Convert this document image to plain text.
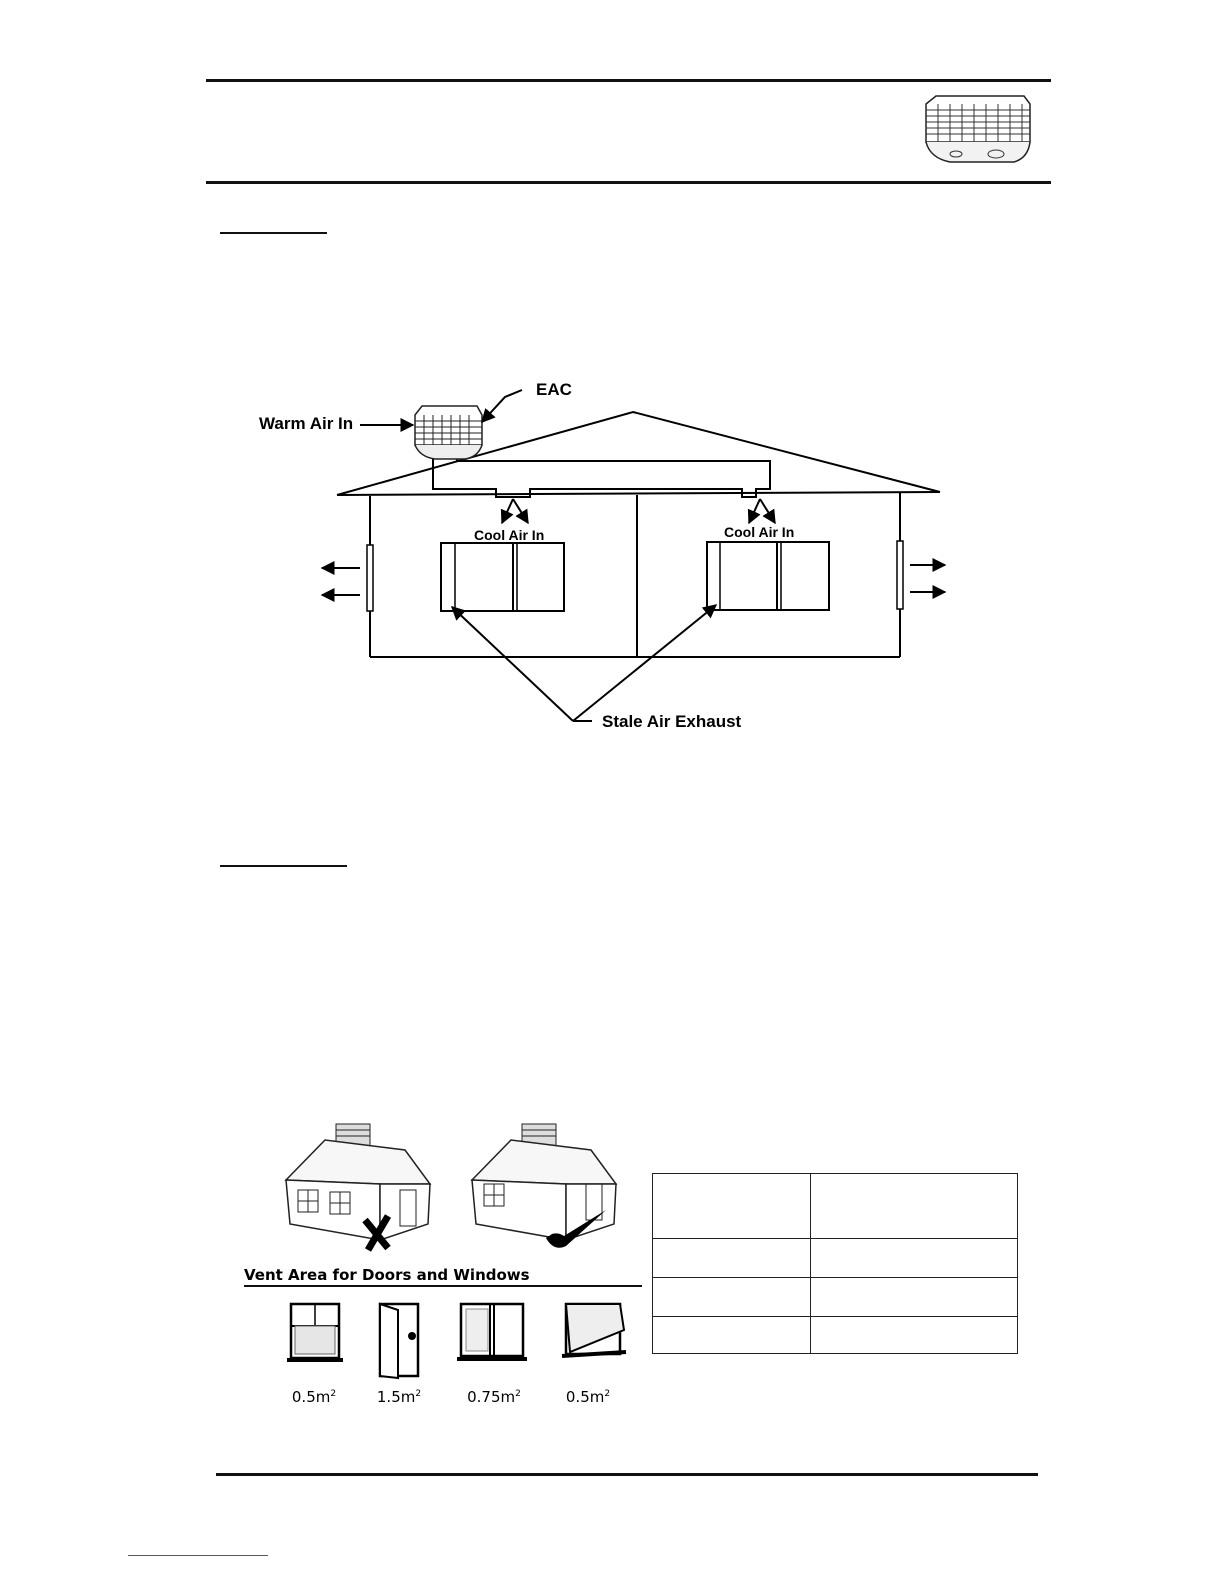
EAC
Warm Air In
Cool Air In	Cool Air In
Stale Air Exhaust
Vent Area for Doors and Windows
$0.5m^2$	$1.5m^2$	$0.75m^2$	$0.5m^2$
